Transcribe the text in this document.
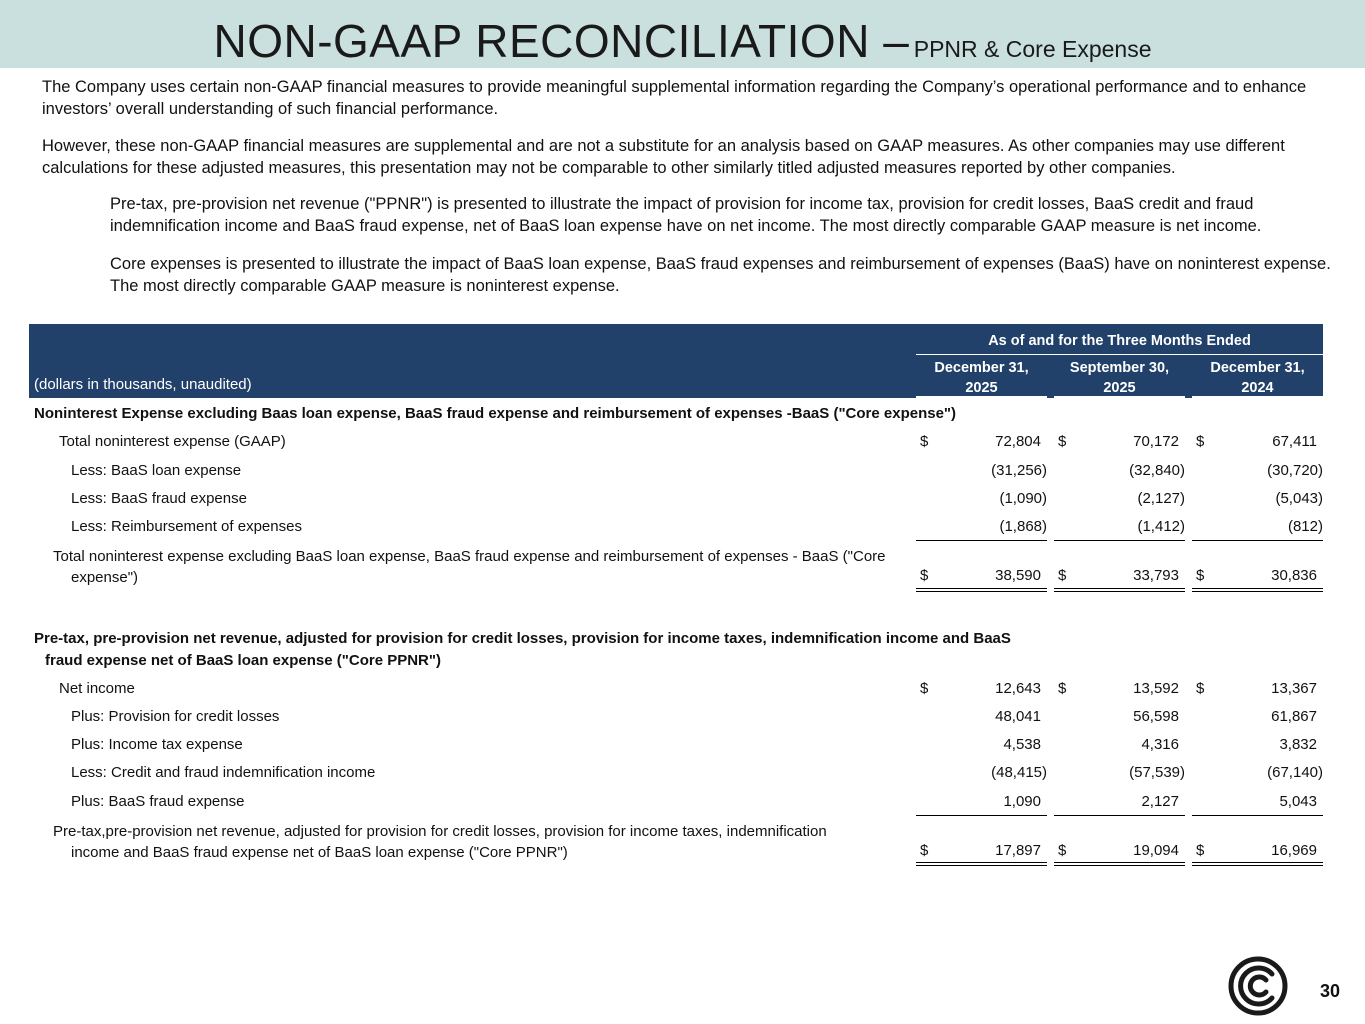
NON-GAAP RECONCILIATION – PPNR & Core Expense

The Company uses certain non-GAAP financial measures to provide meaningful supplemental information regarding the Company’s operational performance and to enhance investors’ overall understanding of such financial performance.

However, these non-GAAP financial measures are supplemental and are not a substitute for an analysis based on GAAP measures. As other companies may use different calculations for these adjusted measures, this presentation may not be comparable to other similarly titled adjusted measures reported by other companies.

Pre-tax, pre-provision net revenue ("PPNR") is presented to illustrate the impact of provision for income tax, provision for credit losses, BaaS credit and fraud indemnification income and BaaS fraud expense, net of BaaS loan expense have on net income. The most directly comparable GAAP measure is net income.

Core expenses is presented to illustrate the impact of BaaS loan expense, BaaS fraud expenses and reimbursement of expenses (BaaS) have on noninterest expense. The most directly comparable GAAP measure is noninterest expense.

(dollars in thousands, unaudited)
As of and for the Three Months Ended
December 31,
2025
September 30,
2025
December 31,
2024
Noninterest Expense excluding Baas loan expense, BaaS fraud expense and reimbursement of expenses -BaaS ("Core expense")
Total noninterest expense (GAAP)	$	72,804 $	70,172 $	67,411
Less: BaaS loan expense	(31,256)	(32,840)	(30,720)
Less: BaaS fraud expense	(1,090)	(2,127)	(5,043)
Less: Reimbursement of expenses	(1,868)	(1,412)	(812)
Total noninterest expense excluding BaaS loan expense, BaaS fraud expense and reimbursement of expenses - BaaS ("Core
expense")	$	38,590 $	33,793 $	30,836
Pre-tax, pre-provision net revenue, adjusted for provision for credit losses, provision for income taxes, indemnification income and BaaS
fraud expense net of BaaS loan expense ("Core PPNR")
Net income	$	12,643 $	13,592 $	13,367
Plus: Provision for credit losses	48,041	56,598	61,867
Plus: Income tax expense	4,538	4,316	3,832
Less: Credit and fraud indemnification income	(48,415)	(57,539)	(67,140)
Plus: BaaS fraud expense	1,090	2,127	5,043
Pre-tax,pre-provision net revenue, adjusted for provision for credit losses, provision for income taxes, indemnification
income and BaaS fraud expense net of BaaS loan expense ("Core PPNR")	$	17,897 $	19,094 $	16,969
30
